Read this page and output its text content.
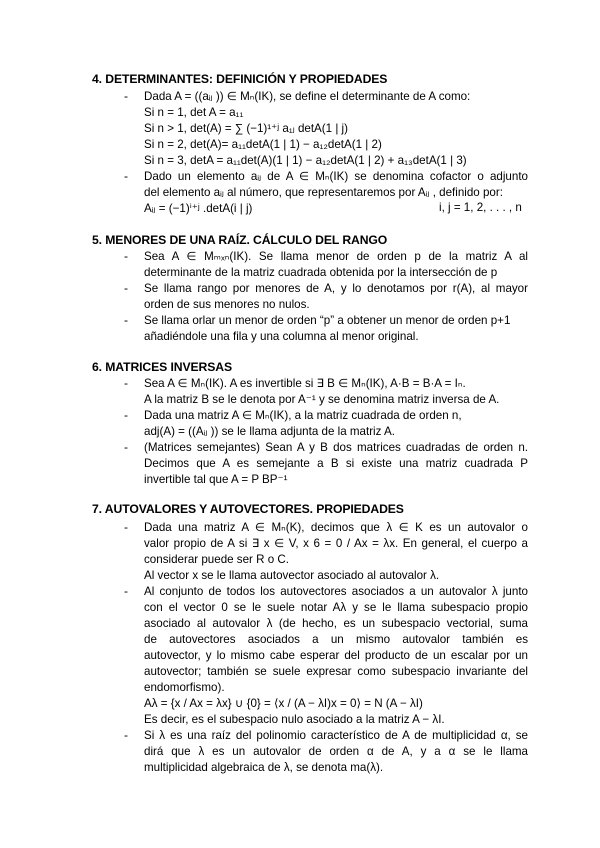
4. DETERMINANTES: DEFINICIÓN Y PROPIEDADES
- Dada A = ((aᵢⱼ )) ∈ Mₙ(IK), se define el determinante de A como:
Si n = 1, det A = a₁₁
Si n > 1, det(A) = ∑ (−1)¹⁺ʲ a₁ⱼ detA(1 | j)
Si n = 2, det(A)= a₁₁detA(1 | 1) − a₁₂detA(1 | 2)
Si n = 3, detA = a₁₁det(A)(1 | 1) − a₁₂detA(1 | 2) + a₁₃detA(1 | 3)
- Dado un elemento aᵢⱼ de A ∈ Mₙ(IK) se denomina cofactor o adjunto
del elemento aᵢⱼ al número, que representaremos por Aᵢⱼ , definido por:
Aᵢⱼ = (−1)ⁱ⁺ʲ .detA(i | j)	i, j = 1, 2, . . . , n
5. MENORES DE UNA RAÍZ. CÁLCULO DEL RANGO
- Sea A ∈ Mₘₓₙ(IK). Se llama menor de orden p de la matriz A al
determinante de la matriz cuadrada obtenida por la intersección de p
- Se llama rango por menores de A, y lo denotamos por r(A), al mayor
orden de sus menores no nulos.
- Se llama orlar un menor de orden “p” a obtener un menor de orden p+1
añadiéndole una fila y una columna al menor original.
6. MATRICES INVERSAS
- Sea A ∈ Mₙ(IK). A es invertible si ∃ B ∈ Mₙ(IK), A·B = B·A = Iₙ.
A la matriz B se le denota por A⁻¹ y se denomina matriz inversa de A.
- Dada una matriz A ∈ Mₙ(IK), a la matriz cuadrada de orden n,
adj(A) = ((Aᵢⱼ )) se le llama adjunta de la matriz A.
- (Matrices semejantes) Sean A y B dos matrices cuadradas de orden n.
Decimos que A es semejante a B si existe una matriz cuadrada P
invertible tal que A = P BP⁻¹
7. AUTOVALORES Y AUTOVECTORES. PROPIEDADES
- Dada una matriz A ∈ Mₙ(K), decimos que λ ∈ K es un autovalor o
valor propio de A si ∃ x ∈ V, x 6 = 0 / Ax = λx. En general, el cuerpo a
considerar puede ser R o C.
Al vector x se le llama autovector asociado al autovalor λ.
- Al conjunto de todos los autovectores asociados a un autovalor λ junto
con el vector 0 se le suele notar Aλ y se le llama subespacio propio
asociado al autovalor λ (de hecho, es un subespacio vectorial, suma
de autovectores asociados a un mismo autovalor también es
autovector, y lo mismo cabe esperar del producto de un escalar por un
autovector; también se suele expresar como subespacio invariante del
endomorfismo).
Aλ = {x / Ax = λx} ∪ {0} = ⟨x / (A − λI)x = 0⟩ = N (A − λI)
Es decir, es el subespacio nulo asociado a la matriz A − λI.
- Si λ es una raíz del polinomio característico de A de multiplicidad α, se
dirá que λ es un autovalor de orden α de A, y a α se le llama
multiplicidad algebraica de λ, se denota ma(λ).
